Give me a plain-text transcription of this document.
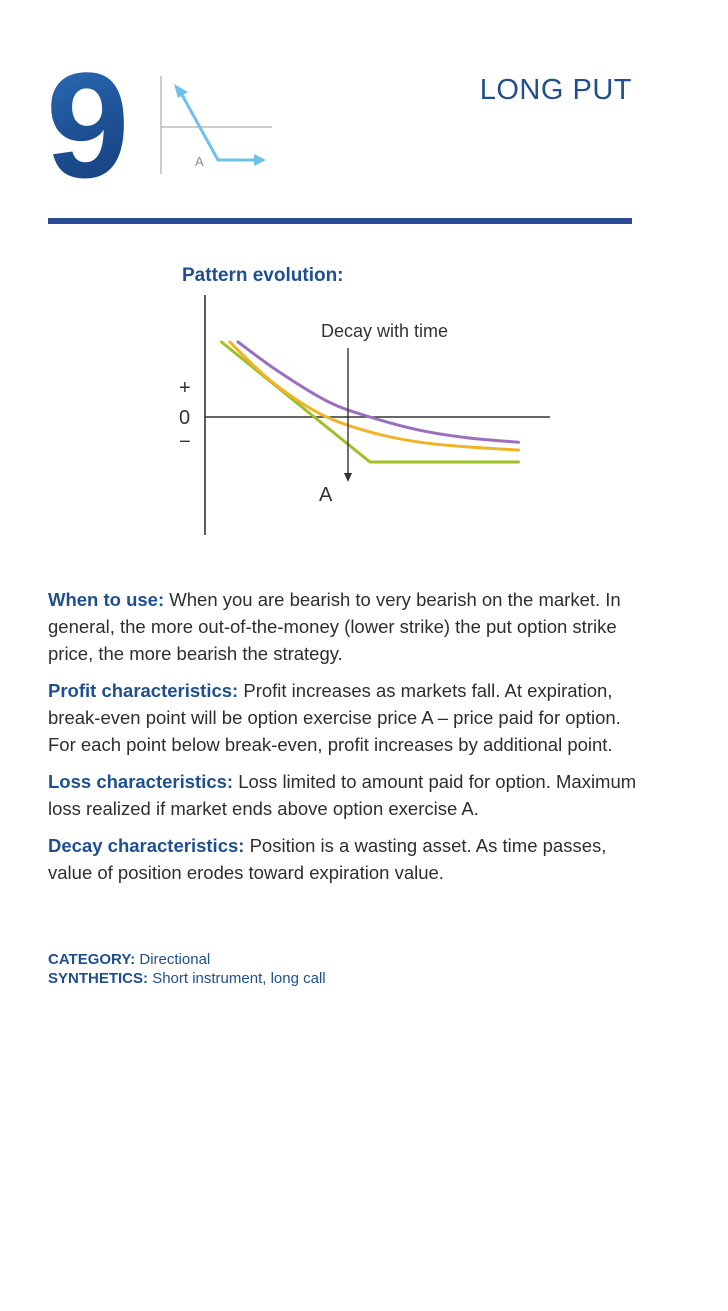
9	A
LONG PUT
Pattern evolution:
Decay with time
+
0
−
A

When to use: When you are bearish to very bearish on the market. In general, the more out-of-the-money (lower strike) the put option strike price, the more bearish the strategy.

Profit characteristics: Profit increases as markets fall. At expiration, break-even point will be option exercise price A – price paid for option. For each point below break-even, profit increases by additional point.

Loss characteristics: Loss limited to amount paid for option. Maximum loss realized if market ends above option exercise A.

Decay characteristics: Position is a wasting asset. As time passes, value of position erodes toward expiration value.

CATEGORY: Directional
SYNTHETICS: Short instrument, long call
